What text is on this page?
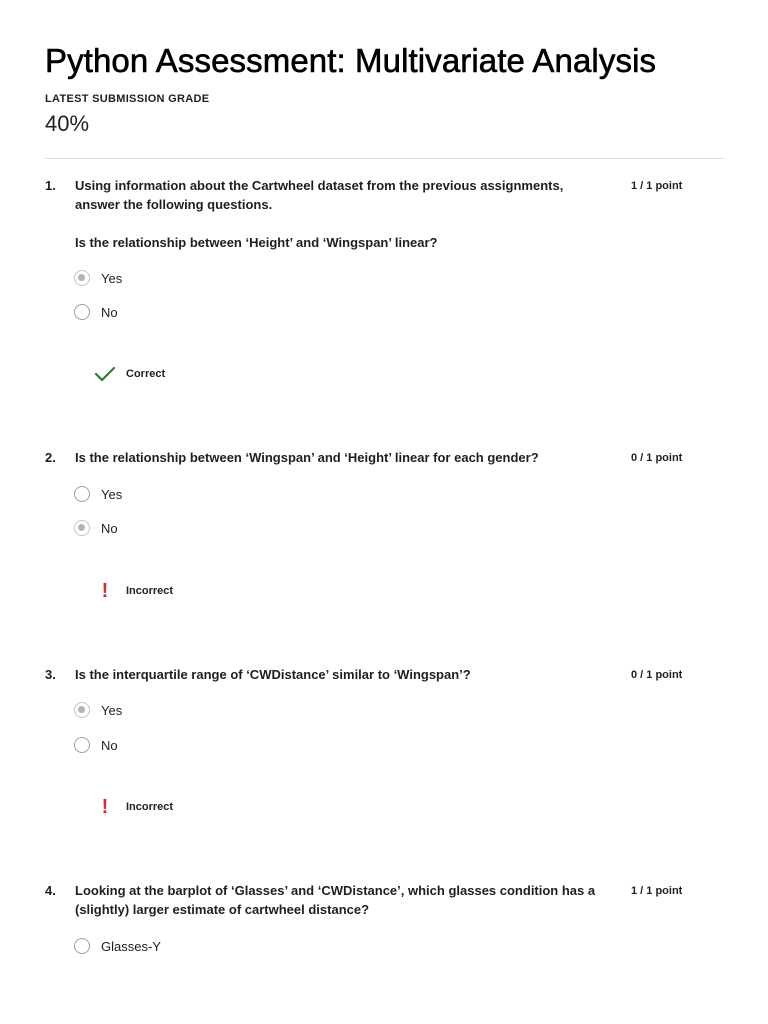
Python Assessment: Multivariate Analysis
LATEST SUBMISSION GRADE
40%
1. Using information about the Cartwheel dataset from the previous assignments, answer the following questions.
Is the relationship between ‘Height’ and ‘Wingspan’ linear?
1 / 1 point
Yes
No
Correct
2. Is the relationship between ‘Wingspan’ and ‘Height’ linear for each gender?	0 / 1 point
Yes
No
!	Incorrect
3. Is the interquartile range of ‘CWDistance’ similar to ‘Wingspan’?	0 / 1 point
Yes
No
!	Incorrect
4. Looking at the barplot of ‘Glasses’ and ‘CWDistance’, which glasses condition has a (slightly) larger estimate of cartwheel distance?
1 / 1 point
Glasses-Y
